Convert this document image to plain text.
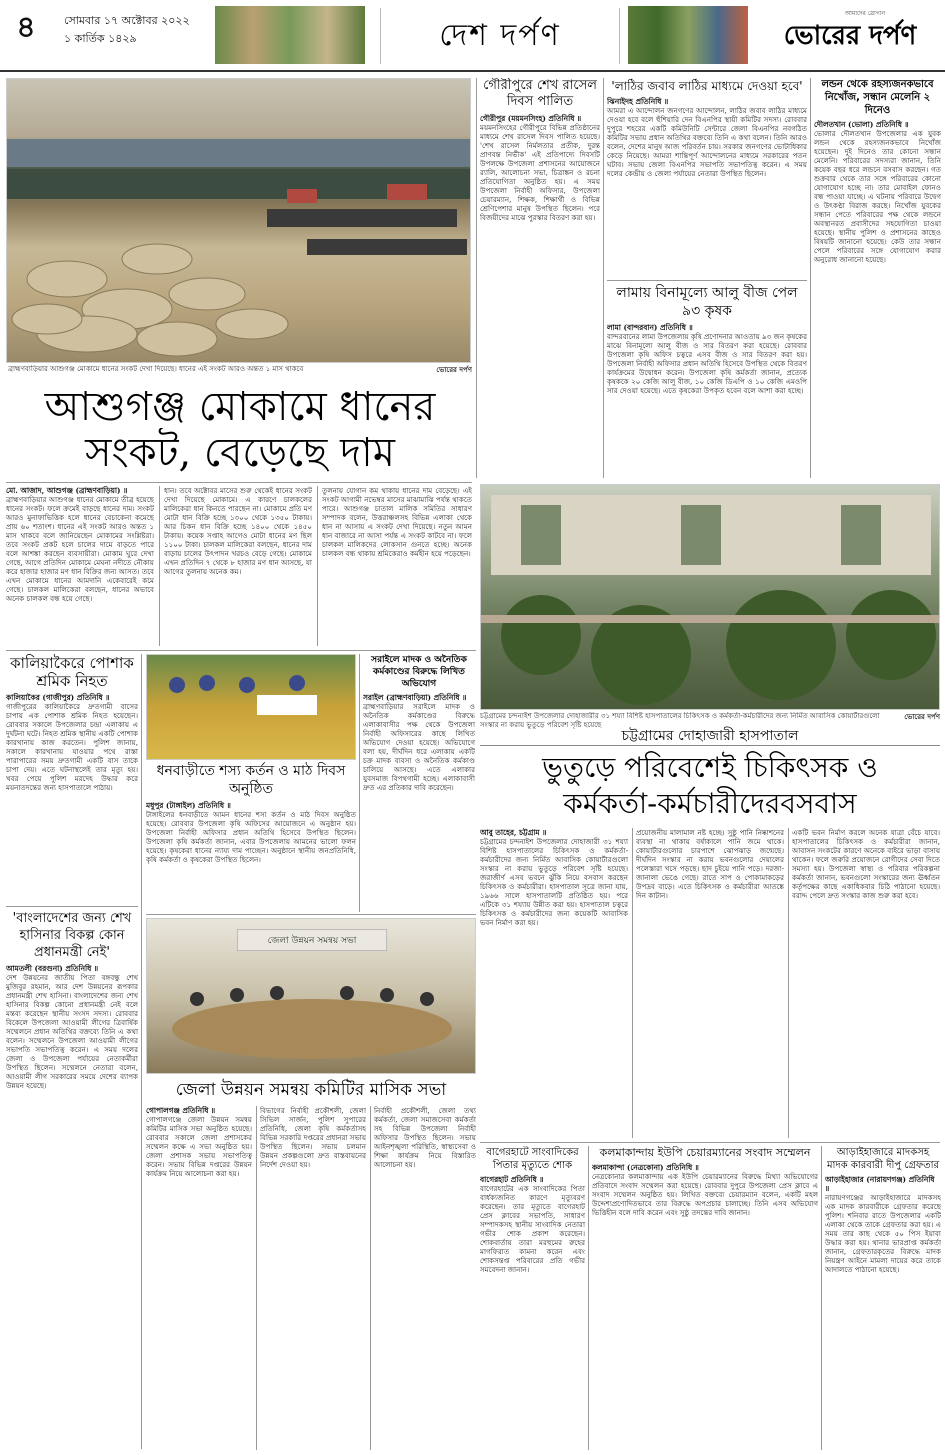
৪	সোমবার ১৭ অক্টোবর ২০২২
১ কার্তিক ১৪২৯	দেশ দর্পণ
আমাদের স্লোগান
ভোরের দর্পণ
ব্রাহ্মণবাড়িয়ার আশুগঞ্জ মোকামে ধানের সংকট দেখা দিয়েছে। ধানের এই সংকট আরও অন্তত ১ মাস থাকবে	ভোরের দর্পণ
আশুগঞ্জ মোকামে ধানের
সংকট, বেড়েছে দাম
মো. আজাদ, আশুগঞ্জ (ব্রাহ্মণবাড়িয়া) ॥
ব্রাহ্মণবাড়িয়ার আশুগঞ্জ ধানের মোকামে তীব্র হয়েছে ধানের সংকট। ফলে ক্রমেই বাড়ছে ধানের দাম। সংকট আরও মুনাফাভিত্তিক হলে ধানের বেচাকেনা কমেছে প্রায় ৬০ শতাংশ। ধানের এই সংকট আরও অন্তত ১ মাস থাকবে বলে জানিয়েছেন মোকামের সংশ্লিষ্টরা। তবে সংকট প্রকট হলে চালের দামে বাড়তে পারে বলে আশঙ্কা করছেন ব্যবসায়ীরা। মোকাম ঘুরে দেখা গেছে, আগে প্রতিদিন মোকামে মেঘনা নদীতে নৌকায় করে হাজার হাজার মণ ধান বিক্রির জন্য আসত। তবে এখন মোকামে ধানের আমদানি একেবারেই কমে গেছে। চালকল মালিকেরা বলছেন, ধানের অভাবে অনেক চালকল বন্ধ হয়ে গেছে।
ধান। তবে অক্টোবর মাসের শুরু থেকেই ধানের সংকট দেখা দিয়েছে মোকামে। এ কারণে চালকলের মালিকেরা ধান কিনতে পারছেন না। মোকামে প্রতি মণ মোটা ধান বিক্রি হচ্ছে ১৩০০ থেকে ১৩৫০ টাকায়। আর চিকন ধান বিক্রি হচ্ছে ১৪০০ থেকে ১৪৫০ টাকায়। কয়েক সপ্তাহ আগেও মোটা ধানের মণ ছিল ১১০০ টাকা। চালকল মালিকেরা বলছেন, ধানের দাম বাড়ায় চালের উৎপাদন খরচও বেড়ে গেছে। মোকামে এখন প্রতিদিন ৭ থেকে ৮ হাজার মণ ধান আসছে, যা আগের তুলনায় অনেক কম।
তুলনায় যোগান কম থাকায় ধানের দাম বেড়েছে। এই সংকট আগামী নভেম্বর মাসের মাঝামাঝি পর্যন্ত থাকতে পারে। আশুগঞ্জ চাতাল মালিক সমিতির সাধারণ সম্পাদক বলেন, উত্তরাঞ্চলসহ বিভিন্ন এলাকা থেকে ধান না আসায় এ সংকট দেখা দিয়েছে। নতুন আমন ধান বাজারে না আসা পর্যন্ত এ সংকট কাটবে না। ফলে চালকল মালিকদের লোকসান গুনতে হচ্ছে। অনেক চালকল বন্ধ থাকায় শ্রমিকেরাও কর্মহীন হয়ে পড়েছেন।
গৌরীপুরে শেখ রাসেল দিবস পালিত
গৌরীপুর (ময়মনসিংহ) প্রতিনিধি ॥
ময়মনসিংহের গৌরীপুরে বিভিন্ন প্রতিষ্ঠানের মাধ্যমে শেখ রাসেল দিবস পালিত হয়েছে। 'শেখ রাসেল নির্মলতার প্রতীক, দুরন্ত প্রাণবন্ত নির্ভীক' এই প্রতিপাদ্যে দিবসটি উপলক্ষে উপজেলা প্রশাসনের আয়োজনে র‍্যালি, আলোচনা সভা, চিত্রাঙ্কন ও রচনা প্রতিযোগিতা অনুষ্ঠিত হয়। এ সময় উপজেলা নির্বাহী অফিসার, উপজেলা চেয়ারম্যান, শিক্ষক, শিক্ষার্থী ও বিভিন্ন শ্রেণিপেশার মানুষ উপস্থিত ছিলেন। পরে বিজয়ীদের মাঝে পুরস্কার বিতরণ করা হয়।
'লাঠির জবাব লাঠির মাধ্যমে দেওয়া হবে'
ঝিনাইদহ প্রতিনিধি ॥
আমরা এ আন্দোলন জনগণের আন্দোলন, লাঠির জবাব লাঠির মাধ্যমে দেওয়া হবে বলে হুঁশিয়ারি দেন বিএনপির স্থায়ী কমিটির সদস্য। রোববার দুপুরে শহরের একটি কমিউনিটি সেন্টারে জেলা বিএনপির নবগঠিত কমিটির সভায় প্রধান অতিথির বক্তব্যে তিনি এ কথা বলেন। তিনি আরও বলেন, দেশের মানুষ আজ পরিবর্তন চায়। সরকার জনগণের ভোটাধিকার কেড়ে নিয়েছে। আমরা শান্তিপূর্ণ আন্দোলনের মাধ্যমে সরকারের পতন ঘটাব। সভায় জেলা বিএনপির সভাপতি সভাপতিত্ব করেন। এ সময় দলের কেন্দ্রীয় ও জেলা পর্যায়ের নেতারা উপস্থিত ছিলেন।
লামায় বিনামূল্যে আলু বীজ পেল ৯৩ কৃষক
লামা (বান্দরবান) প্রতিনিধি ॥
বান্দরবানের লামা উপজেলায় কৃষি প্রণোদনার আওতায় ৯৩ জন কৃষকের মাঝে বিনামূল্যে আলু বীজ ও সার বিতরণ করা হয়েছে। রোববার উপজেলা কৃষি অফিস চত্বরে এসব বীজ ও সার বিতরণ করা হয়। উপজেলা নির্বাহী অফিসার প্রধান অতিথি হিসেবে উপস্থিত থেকে বিতরণ কার্যক্রমের উদ্বোধন করেন। উপজেলা কৃষি কর্মকর্তা জানান, প্রত্যেক কৃষককে ২০ কেজি আলু বীজ, ১০ কেজি ডিএপি ও ১০ কেজি এমওপি সার দেওয়া হয়েছে। এতে কৃষকেরা উপকৃত হবেন বলে আশা করা হচ্ছে।
লন্ডন থেকে রহস্যজনকভাবে নিখোঁজ, সন্ধান মেলেনি ২ দিনেও
দৌলতখান (ভোলা) প্রতিনিধি ॥
ভোলার দৌলতখান উপজেলার এক যুবক লন্ডন থেকে রহস্যজনকভাবে নিখোঁজ হয়েছেন। দুই দিনেও তার কোনো সন্ধান মেলেনি। পরিবারের সদস্যরা জানান, তিনি কয়েক বছর ধরে লন্ডনে বসবাস করছেন। গত শুক্রবার থেকে তার সঙ্গে পরিবারের কোনো যোগাযোগ হচ্ছে না। তার মোবাইল ফোনও বন্ধ পাওয়া যাচ্ছে। এ ঘটনায় পরিবারে উদ্বেগ ও উৎকণ্ঠা বিরাজ করছে। নিখোঁজ যুবকের সন্ধান পেতে পরিবারের পক্ষ থেকে লন্ডনে অবস্থানরত প্রবাসীদের সহযোগিতা চাওয়া হয়েছে। স্থানীয় পুলিশ ও প্রশাসনের কাছেও বিষয়টি জানানো হয়েছে। কেউ তার সন্ধান পেলে পরিবারের সঙ্গে যোগাযোগ করার অনুরোধ জানানো হয়েছে।
চট্টগ্রামের চন্দনাইশ উপজেলার দোহাজারীর ৩১ শয্যা বিশিষ্ট হাসপাতালের চিকিৎসক ও কর্মকর্তা-কর্মচারীদের জন্য নির্মিত আবাসিক কোয়ার্টারগুলো সংস্কার না করায় ভুতুড়ে পরিবেশ সৃষ্টি হয়েছে
ভোরের দর্পণ
কালিয়াকৈরে পোশাক শ্রমিক নিহত
কালিয়াকৈর (গাজীপুর) প্রতিনিধি ॥
গাজীপুরের কালিয়াকৈরে দ্রুতগামী বাসের চাপায় এক পোশাক শ্রমিক নিহত হয়েছেন। রোববার সকালে উপজেলার চন্দ্রা এলাকায় এ দুর্ঘটনা ঘটে। নিহত শ্রমিক স্থানীয় একটি পোশাক কারখানায় কাজ করতেন। পুলিশ জানায়, সকালে কারখানায় যাওয়ার পথে রাস্তা পারাপারের সময় দ্রুতগামী একটি বাস তাকে চাপা দেয়। এতে ঘটনাস্থলেই তার মৃত্যু হয়। খবর পেয়ে পুলিশ মরদেহ উদ্ধার করে ময়নাতদন্তের জন্য হাসপাতালে পাঠায়।
'বাংলাদেশের জন্য শেখ হাসিনার বিকল্প কোন প্রধানমন্ত্রী নেই'
আমতলী (বরগুনা) প্রতিনিধি ॥
দেশ উন্নয়নের জাতীয় পিতা বঙ্গবন্ধু শেখ মুজিবুর রহমান, আর দেশ উন্নয়নের রূপকার প্রধানমন্ত্রী শেখ হাসিনা। বাংলাদেশের জন্য শেখ হাসিনার বিকল্প কোনো প্রধানমন্ত্রী নেই বলে মন্তব্য করেছেন স্থানীয় সংসদ সদস্য। রোববার বিকেলে উপজেলা আওয়ামী লীগের ত্রিবার্ষিক সম্মেলনে প্রধান অতিথির বক্তব্যে তিনি এ কথা বলেন। সম্মেলনে উপজেলা আওয়ামী লীগের সভাপতি সভাপতিত্ব করেন। এ সময় দলের জেলা ও উপজেলা পর্যায়ের নেতাকর্মীরা উপস্থিত ছিলেন। সম্মেলনে নেতারা বলেন, আওয়ামী লীগ সরকারের সময়ে দেশের ব্যাপক উন্নয়ন হয়েছে।
ধনবাড়ীতে শস্য কর্তন ও মাঠ দিবস অনুষ্ঠিত
মধুপুর (টাঙ্গাইল) প্রতিনিধি ॥
টাঙ্গাইলের ধনবাড়ীতে আমন ধানের শস্য কর্তন ও মাঠ দিবস অনুষ্ঠিত হয়েছে। রোববার উপজেলা কৃষি অফিসের আয়োজনে এ অনুষ্ঠান হয়। উপজেলা নির্বাহী অফিসার প্রধান অতিথি হিসেবে উপস্থিত ছিলেন। উপজেলা কৃষি কর্মকর্তা জানান, এবার উপজেলায় আমনের ভালো ফলন হয়েছে। কৃষকেরা ধানের ন্যায্য দাম পাচ্ছেন। অনুষ্ঠানে স্থানীয় জনপ্রতিনিধি, কৃষি কর্মকর্তা ও কৃষকেরা উপস্থিত ছিলেন।
সরাইলে মাদক ও অনৈতিক কর্মকাণ্ডের বিরুদ্ধে লিখিত অভিযোগ
সরাইল (ব্রাহ্মণবাড়িয়া) প্রতিনিধি ॥
ব্রাহ্মণবাড়িয়ার সরাইলে মাদক ও অনৈতিক কর্মকাণ্ডের বিরুদ্ধে এলাকাবাসীর পক্ষ থেকে উপজেলা নির্বাহী অফিসারের কাছে লিখিত অভিযোগ দেওয়া হয়েছে। অভিযোগে বলা হয়, দীর্ঘদিন ধরে এলাকায় একটি চক্র মাদক ব্যবসা ও অনৈতিক কর্মকাণ্ড চালিয়ে আসছে। এতে এলাকার যুবসমাজ বিপথগামী হচ্ছে। এলাকাবাসী দ্রুত এর প্রতিকার দাবি করেছেন।
চট্টগ্রামের দোহাজারী হাসপাতাল
ভুতুড়ে পরিবেশেই চিকিৎসক ও
কর্মকর্তা-কর্মচারীদেরবসবাস
আবু তাহের, চট্টগ্রাম ॥
চট্টগ্রামের চন্দনাইশ উপজেলার দোহাজারী ৩১ শয্যা বিশিষ্ট হাসপাতালের চিকিৎসক ও কর্মকর্তা-কর্মচারীদের জন্য নির্মিত আবাসিক কোয়ার্টারগুলো সংস্কার না করায় ভুতুড়ে পরিবেশ সৃষ্টি হয়েছে। জরাজীর্ণ এসব ভবনে ঝুঁকি নিয়ে বসবাস করছেন চিকিৎসক ও কর্মচারীরা। হাসপাতাল সূত্রে জানা যায়, ১৯৬৬ সালে হাসপাতালটি প্রতিষ্ঠিত হয়। পরে এটিকে ৩১ শয্যায় উন্নীত করা হয়। হাসপাতাল চত্বরে চিকিৎসক ও কর্মচারীদের জন্য কয়েকটি আবাসিক ভবন নির্মাণ করা হয়।
প্রয়োজনীয় মালামাল নষ্ট হচ্ছে। সুষ্ঠু পানি নিষ্কাশনের ব্যবস্থা না থাকায় বর্ষাকালে পানি জমে থাকে। কোয়ার্টারগুলোর চারপাশে ঝোপঝাড় জন্মেছে। দীর্ঘদিন সংস্কার না করায় ভবনগুলোর দেয়ালের পলেস্তারা খসে পড়ছে। ছাদ চুইয়ে পানি পড়ে। দরজা-জানালা ভেঙে গেছে। রাতে সাপ ও পোকামাকড়ের উপদ্রব বাড়ে। এতে চিকিৎসক ও কর্মচারীরা আতঙ্কে দিন কাটান।
একটি ভবন নির্মাণ করলে অনেক যাত্রা বেঁচে যাবে। হাসপাতালের চিকিৎসক ও কর্মচারীরা জানান, আবাসন সংকটের কারণে অনেকে বাইরে ভাড়া বাসায় থাকেন। ফলে জরুরি প্রয়োজনে রোগীদের সেবা দিতে সমস্যা হয়। উপজেলা স্বাস্থ্য ও পরিবার পরিকল্পনা কর্মকর্তা জানান, ভবনগুলো সংস্কারের জন্য ঊর্ধ্বতন কর্তৃপক্ষের কাছে একাধিকবার চিঠি পাঠানো হয়েছে। বরাদ্দ পেলে দ্রুত সংস্কার কাজ শুরু করা হবে।
জেলা উন্নয়ন সমন্বয় সভা
জেলা উন্নয়ন সমন্বয় কমিটির মাসিক সভা
গোপালগঞ্জ প্রতিনিধি ॥
গোপালগঞ্জে জেলা উন্নয়ন সমন্বয় কমিটির মাসিক সভা অনুষ্ঠিত হয়েছে। রোববার সকালে জেলা প্রশাসকের সম্মেলন কক্ষে এ সভা অনুষ্ঠিত হয়। জেলা প্রশাসক সভায় সভাপতিত্ব করেন। সভায় বিভিন্ন দপ্তরের উন্নয়ন কার্যক্রম নিয়ে আলোচনা করা হয়।
বিভাগের নির্বাহী প্রকৌশলী, জেলা সিভিল সার্জন, পুলিশ সুপারের প্রতিনিধি, জেলা কৃষি কর্মকর্তাসহ বিভিন্ন সরকারি দপ্তরের প্রধানরা সভায় উপস্থিত ছিলেন। সভায় চলমান উন্নয়ন প্রকল্পগুলো দ্রুত বাস্তবায়নের নির্দেশ দেওয়া হয়।
নির্বাহী প্রকৌশলী, জেলা তথ্য কর্মকর্তা, জেলা সমাজসেবা কর্মকর্তা সহ বিভিন্ন উপজেলা নির্বাহী অফিসার উপস্থিত ছিলেন। সভায় আইনশৃঙ্খলা পরিস্থিতি, স্বাস্থ্যসেবা ও শিক্ষা কার্যক্রম নিয়ে বিস্তারিত আলোচনা হয়।
বাগেরহাটে সাংবাদিকের পিতার মৃত্যুতে শোক
বাগেরহাট প্রতিনিধি ॥
বাগেরহাটের এক সাংবাদিকের পিতা বার্ধক্যজনিত কারণে মৃত্যুবরণ করেছেন। তার মৃত্যুতে বাগেরহাট প্রেস ক্লাবের সভাপতি, সাধারণ সম্পাদকসহ স্থানীয় সাংবাদিক নেতারা গভীর শোক প্রকাশ করেছেন। শোকবার্তায় তারা মরহুমের রুহের মাগফিরাত কামনা করেন এবং শোকসন্তপ্ত পরিবারের প্রতি গভীর সমবেদনা জানান।
কলমাকান্দায় ইউপি চেয়ারম্যানের সংবাদ সম্মেলন
কলমাকান্দা (নেত্রকোনা) প্রতিনিধি ॥
নেত্রকোনার কলমাকান্দায় এক ইউপি চেয়ারম্যানের বিরুদ্ধে মিথ্যা অভিযোগের প্রতিবাদে সংবাদ সম্মেলন করা হয়েছে। রোববার দুপুরে উপজেলা প্রেস ক্লাবে এ সংবাদ সম্মেলন অনুষ্ঠিত হয়। লিখিত বক্তব্যে চেয়ারম্যান বলেন, একটি মহল উদ্দেশ্যপ্রণোদিতভাবে তার বিরুদ্ধে অপপ্রচার চালাচ্ছে। তিনি এসব অভিযোগ ভিত্তিহীন বলে দাবি করেন এবং সুষ্ঠু তদন্তের দাবি জানান।
আড়াইহাজারে মাদকসহ মাদক কারবারী দীপু গ্রেফতার
আড়াইহাজার (নারায়ণগঞ্জ) প্রতিনিধি ॥
নারায়ণগঞ্জের আড়াইহাজারে মাদকসহ এক মাদক কারবারীকে গ্রেফতার করেছে পুলিশ। শনিবার রাতে উপজেলার একটি এলাকা থেকে তাকে গ্রেফতার করা হয়। এ সময় তার কাছ থেকে ৫০ পিস ইয়াবা উদ্ধার করা হয়। থানার ভারপ্রাপ্ত কর্মকর্তা জানান, গ্রেফতারকৃতের বিরুদ্ধে মাদক নিয়ন্ত্রণ আইনে মামলা দায়ের করে তাকে আদালতে পাঠানো হয়েছে।
